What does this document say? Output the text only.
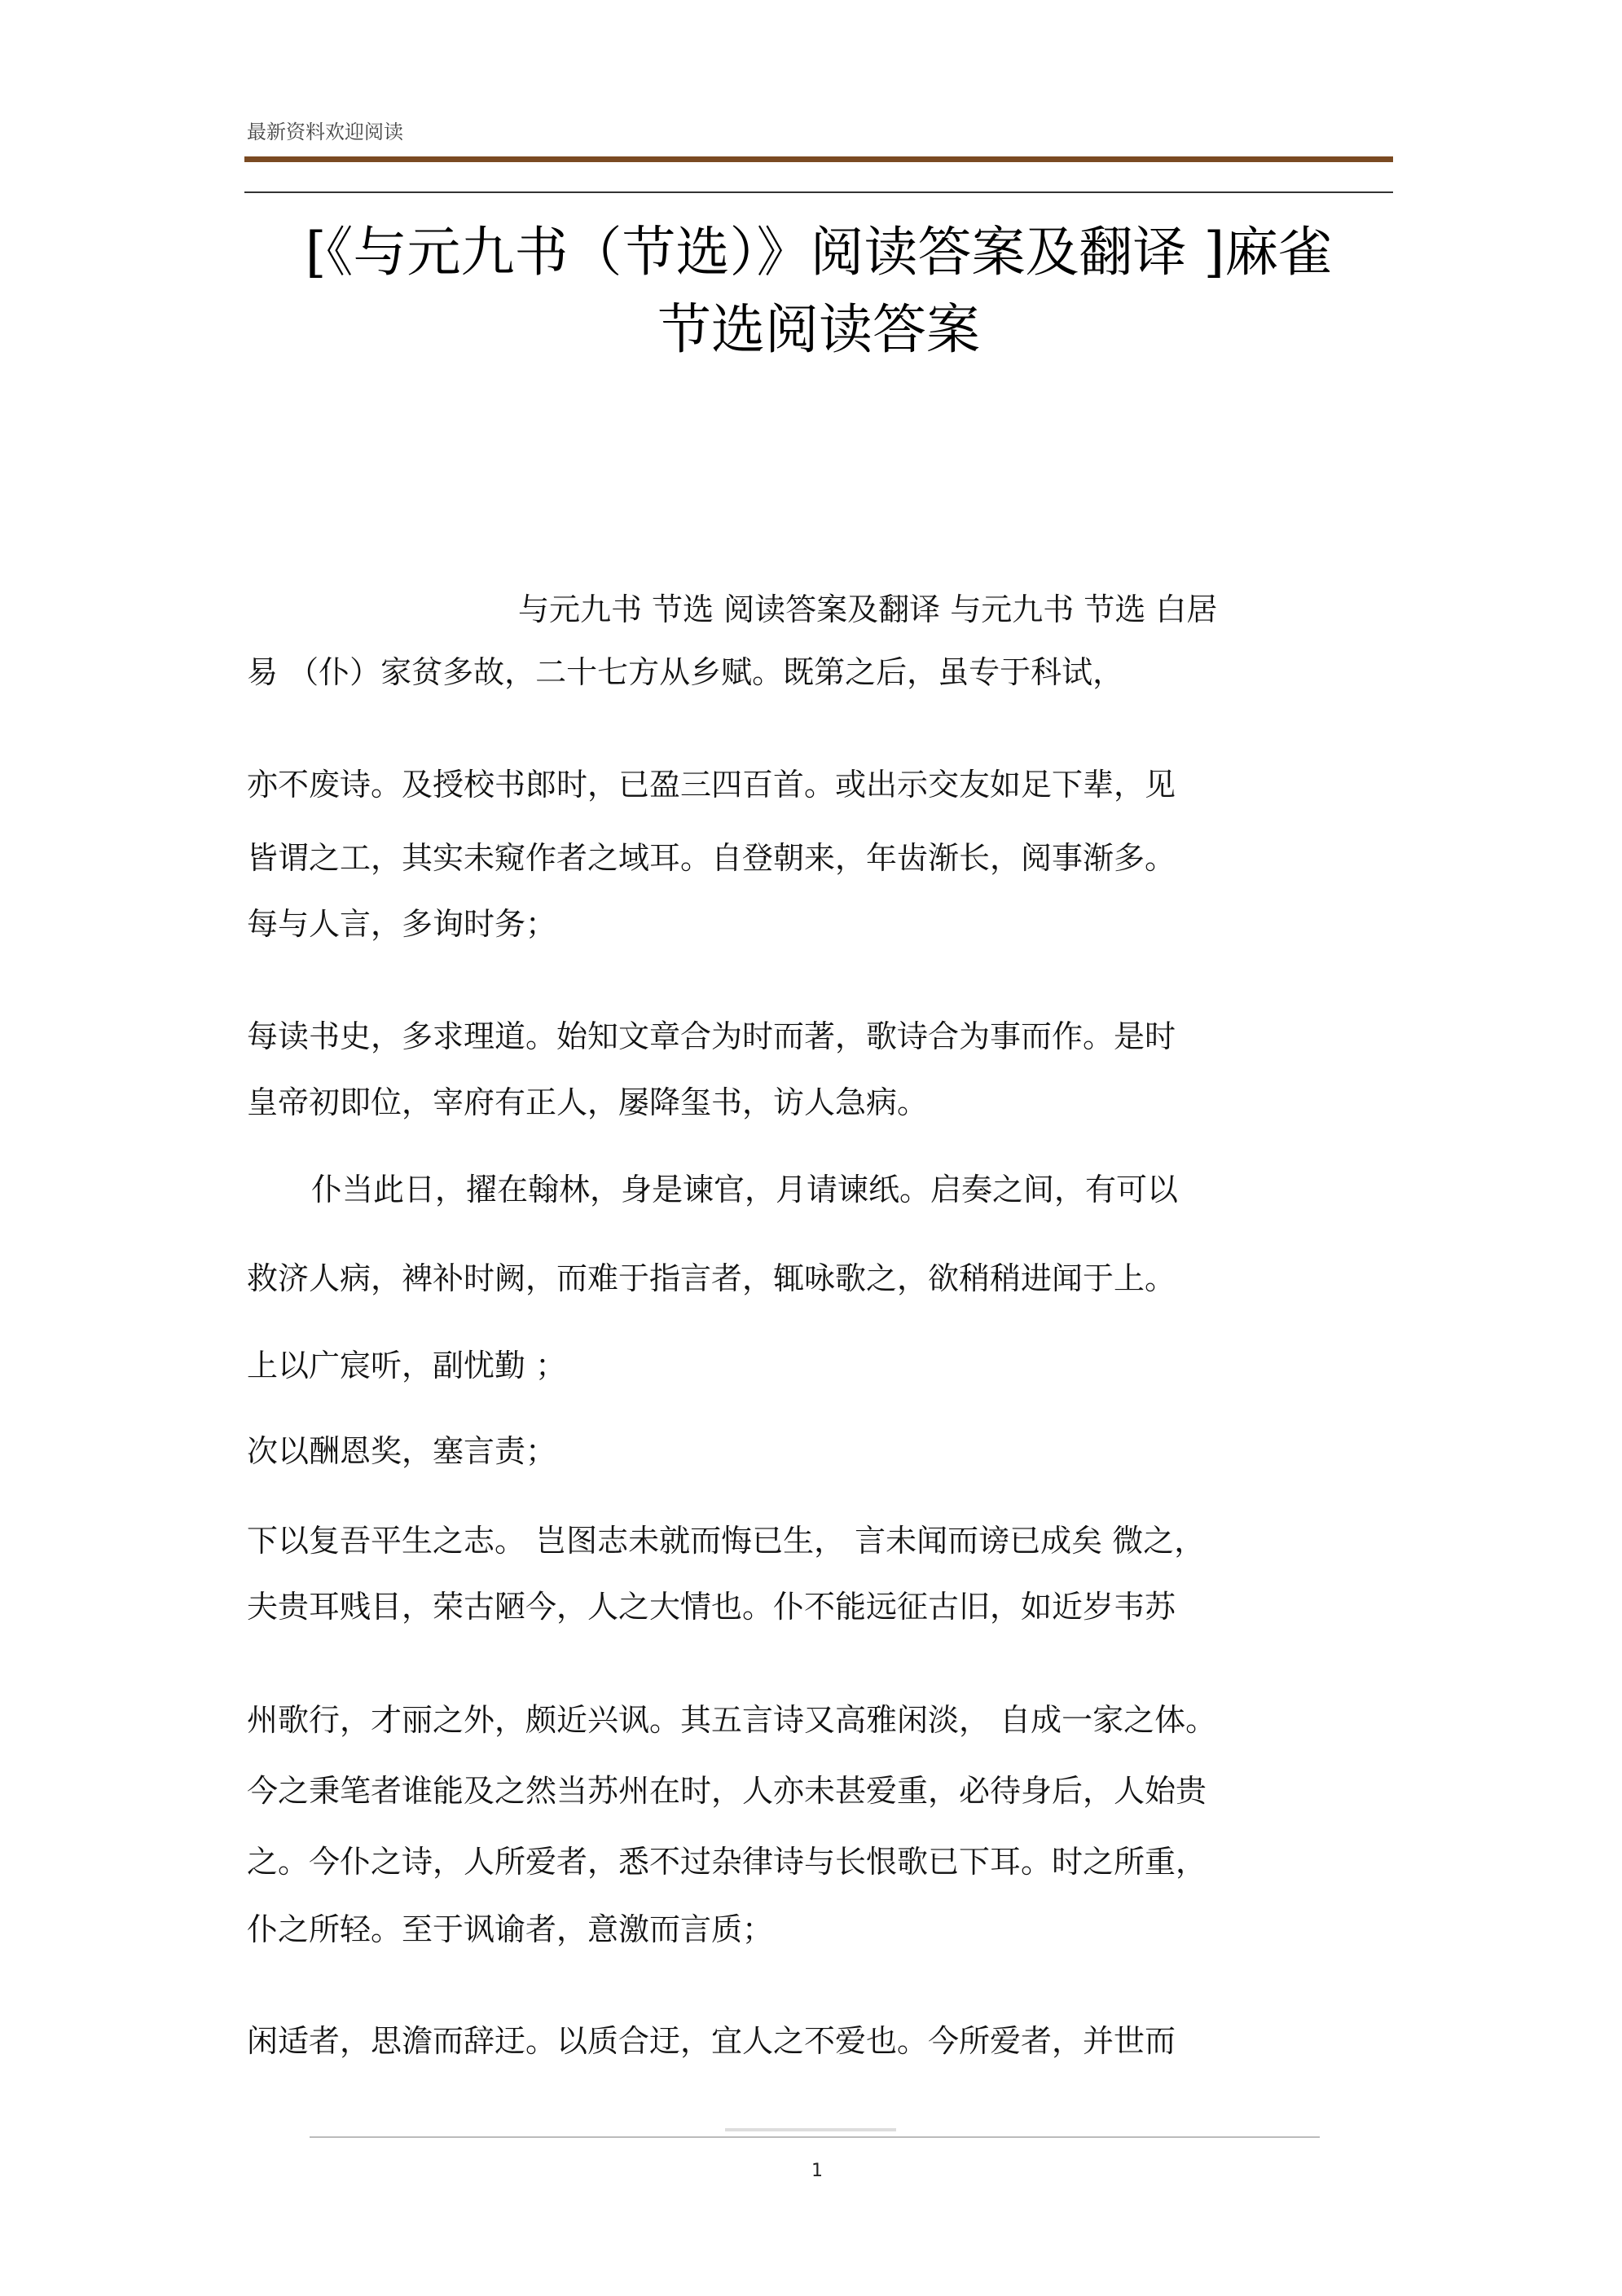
最新资料欢迎阅读
[《与元九书（节选）》阅读答案及翻译 ]麻雀
节选阅读答案
与元九书 节选 阅读答案及翻译 与元九书 节选 白居
易 （仆）家贫多故，二十七方从乡赋。既第之后，虽专于科试，
亦不废诗。及授校书郎时，已盈三四百首。或出示交友如足下辈，见
皆谓之工，其实未窥作者之域耳。自登朝来，年齿渐长，阅事渐多。
每与人言，多询时务；
每读书史，多求理道。始知文章合为时而著，歌诗合为事而作。是时
皇帝初即位，宰府有正人，屡降玺书，访人急病。
仆当此日，擢在翰林，身是谏官，月请谏纸。启奏之间，有可以
救济人病，裨补时阙，而难于指言者，辄咏歌之，欲稍稍进闻于上。
上以广宸听，副忧勤 ；
次以酬恩奖，塞言责；
下以复吾平生之志。 岂图志未就而悔已生， 言未闻而谤已成矣 微之，
夫贵耳贱目，荣古陋今，人之大情也。仆不能远征古旧，如近岁韦苏
州歌行，才丽之外，颇近兴讽。其五言诗又高雅闲淡， 自成一家之体。
今之秉笔者谁能及之然当苏州在时，人亦未甚爱重，必待身后，人始贵
之。今仆之诗，人所爱者，悉不过杂律诗与长恨歌已下耳。时之所重，
仆之所轻。至于讽谕者，意激而言质；
闲适者，思澹而辞迂。以质合迂，宜人之不爱也。今所爱者，并世而
1
